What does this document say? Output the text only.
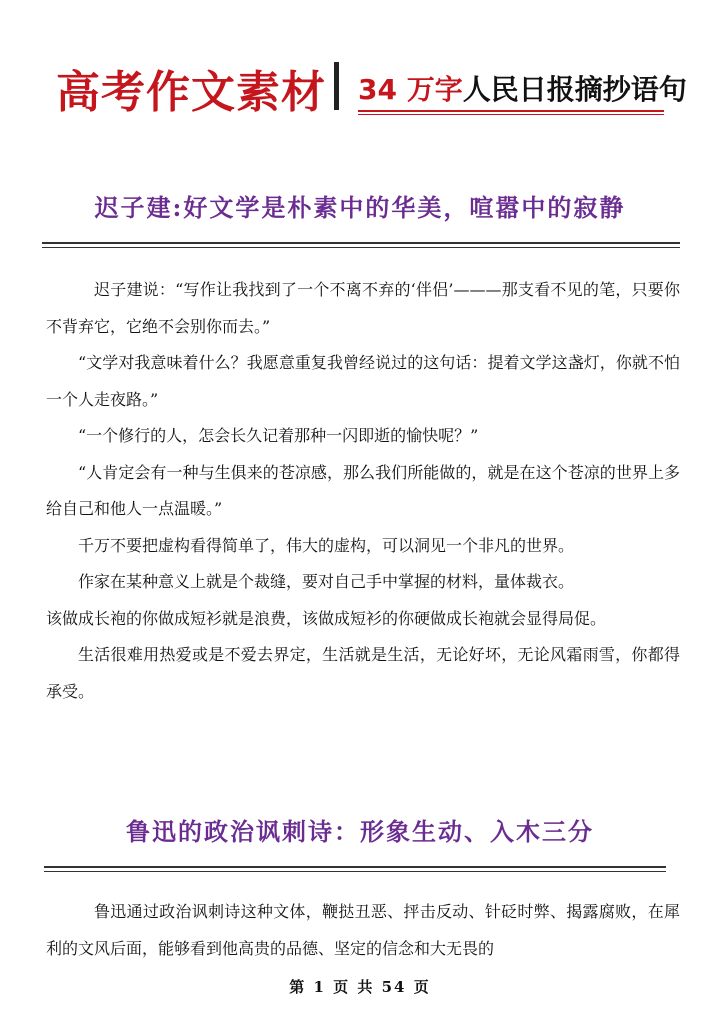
高考作文素材 34 万字人民日报摘抄语句
迟子建:好文学是朴素中的华美，喧嚣中的寂静

迟子建说：“写作让我找到了一个不离不弃的‘伴侣’———那支看不见的笔，只要你不背弃它，它绝不会别你而去。”

“文学对我意味着什么？我愿意重复我曾经说过的这句话：提着文学这盏灯，你就不怕一个人走夜路。”

“一个修行的人，怎会长久记着那种一闪即逝的愉快呢？”

“人肯定会有一种与生俱来的苍凉感，那么我们所能做的，就是在这个苍凉的世界上多给自己和他人一点温暖。”

千万不要把虚构看得简单了，伟大的虚构，可以洞见一个非凡的世界。

作家在某种意义上就是个裁缝，要对自己手中掌握的材料，量体裁衣。

该做成长袍的你做成短衫就是浪费，该做成短衫的你硬做成长袍就会显得局促。

生活很难用热爱或是不爱去界定，生活就是生活，无论好坏，无论风霜雨雪，你都得承受。

鲁迅的政治讽刺诗：形象生动、入木三分

鲁迅通过政治讽刺诗这种文体，鞭挞丑恶、抨击反动、针砭时弊、揭露腐败，在犀利的文风后面，能够看到他高贵的品德、坚定的信念和大无畏的

第 1 页 共 54 页
